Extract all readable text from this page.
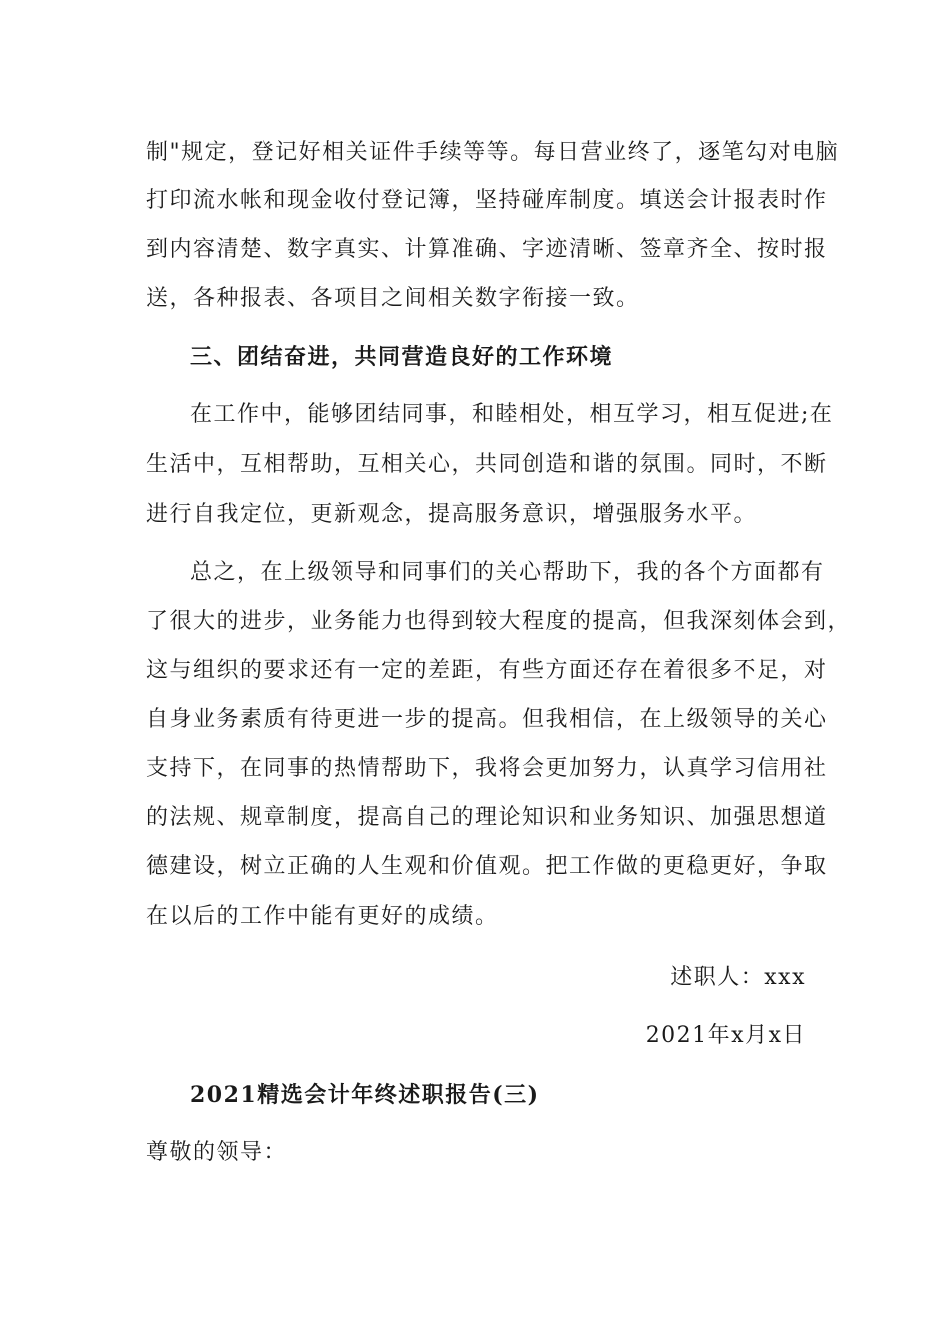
制"规定，登记好相关证件手续等等。每日营业终了，逐笔勾对电脑
打印流水帐和现金收付登记簿，坚持碰库制度。填送会计报表时作
到内容清楚、数字真实、计算准确、字迹清晰、签章齐全、按时报
送，各种报表、各项目之间相关数字衔接一致。
三、团结奋进，共同营造良好的工作环境
在工作中，能够团结同事，和睦相处，相互学习，相互促进;在
生活中，互相帮助，互相关心，共同创造和谐的氛围。同时，不断
进行自我定位，更新观念，提高服务意识，增强服务水平。
总之，在上级领导和同事们的关心帮助下，我的各个方面都有
了很大的进步，业务能力也得到较大程度的提高，但我深刻体会到，
这与组织的要求还有一定的差距，有些方面还存在着很多不足，对
自身业务素质有待更进一步的提高。但我相信，在上级领导的关心
支持下，在同事的热情帮助下，我将会更加努力，认真学习信用社
的法规、规章制度，提高自己的理论知识和业务知识、加强思想道
德建设，树立正确的人生观和价值观。把工作做的更稳更好，争取
在以后的工作中能有更好的成绩。
述职人：xxx
2021年x月x日
2021精选会计年终述职报告(三)
尊敬的领导：
